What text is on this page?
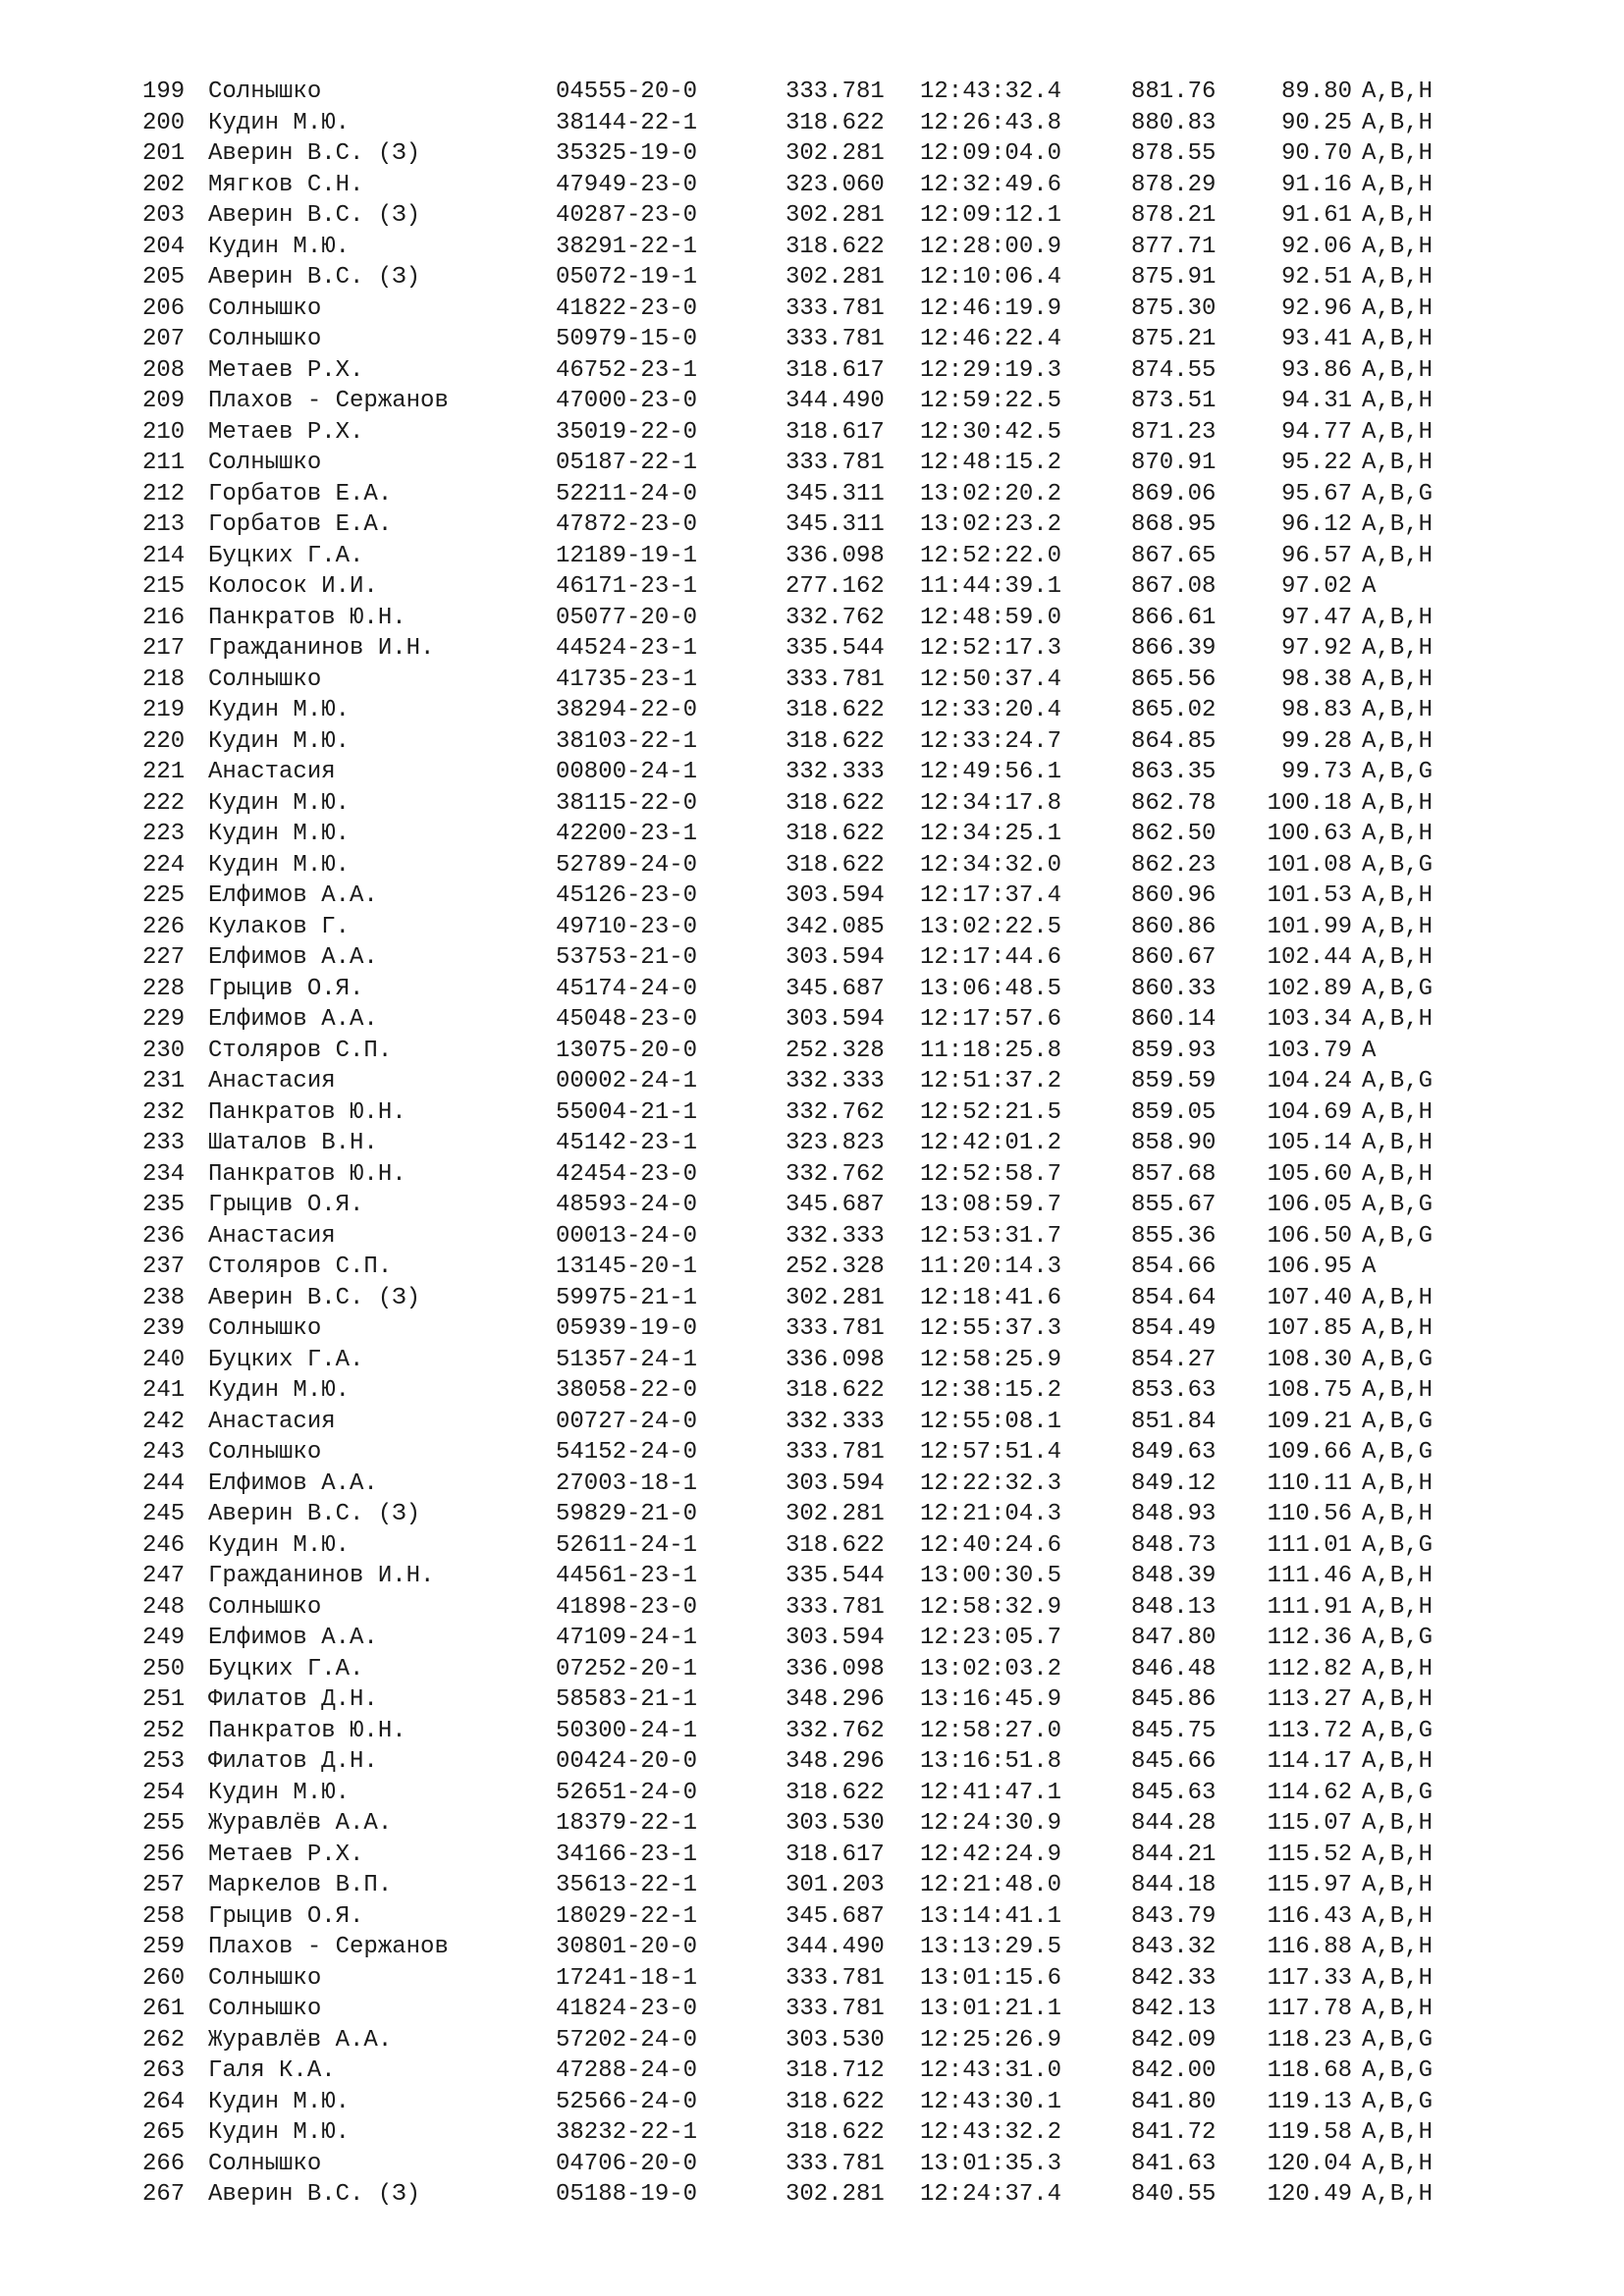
199 Солнышко	04555-20-0	333.781 12:43:32.4	881.76	89.80 A,B,H
200 Кудин М.Ю.	38144-22-1	318.622 12:26:43.8	880.83	90.25 A,B,H
201 Аверин В.С. (З)	35325-19-0	302.281 12:09:04.0	878.55	90.70 A,B,H
202 Мягков С.Н.	47949-23-0	323.060 12:32:49.6	878.29	91.16 A,B,H
203 Аверин В.С. (З)	40287-23-0	302.281 12:09:12.1	878.21	91.61 A,B,H
204 Кудин М.Ю.	38291-22-1	318.622 12:28:00.9	877.71	92.06 A,B,H
205 Аверин В.С. (З)	05072-19-1	302.281 12:10:06.4	875.91	92.51 A,B,H
206 Солнышко	41822-23-0	333.781 12:46:19.9	875.30	92.96 A,B,H
207 Солнышко	50979-15-0	333.781 12:46:22.4	875.21	93.41 A,B,H
208 Метаев Р.Х.	46752-23-1	318.617 12:29:19.3	874.55	93.86 A,B,H
209 Плахов - Сержанов	47000-23-0	344.490 12:59:22.5	873.51	94.31 A,B,H
210 Метаев Р.Х.	35019-22-0	318.617 12:30:42.5	871.23	94.77 A,B,H
211 Солнышко	05187-22-1	333.781 12:48:15.2	870.91	95.22 A,B,H
212 Горбатов Е.А.	52211-24-0	345.311 13:02:20.2	869.06	95.67 A,B,G
213 Горбатов Е.А.	47872-23-0	345.311 13:02:23.2	868.95	96.12 A,B,H
214 Буцких Г.А.	12189-19-1	336.098 12:52:22.0	867.65	96.57 A,B,H
215 Колосок И.И.	46171-23-1	277.162 11:44:39.1	867.08	97.02 A
216 Панкратов Ю.Н.	05077-20-0	332.762 12:48:59.0	866.61	97.47 A,B,H
217 Гражданинов И.Н.	44524-23-1	335.544 12:52:17.3	866.39	97.92 A,B,H
218 Солнышко	41735-23-1	333.781 12:50:37.4	865.56	98.38 A,B,H
219 Кудин М.Ю.	38294-22-0	318.622 12:33:20.4	865.02	98.83 A,B,H
220 Кудин М.Ю.	38103-22-1	318.622 12:33:24.7	864.85	99.28 A,B,H
221 Анастасия	00800-24-1	332.333 12:49:56.1	863.35	99.73 A,B,G
222 Кудин М.Ю.	38115-22-0	318.622 12:34:17.8	862.78 100.18 A,B,H
223 Кудин М.Ю.	42200-23-1	318.622 12:34:25.1	862.50 100.63 A,B,H
224 Кудин М.Ю.	52789-24-0	318.622 12:34:32.0	862.23 101.08 A,B,G
225 Елфимов А.А.	45126-23-0	303.594 12:17:37.4	860.96 101.53 A,B,H
226 Кулаков Г.	49710-23-0	342.085 13:02:22.5	860.86 101.99 A,B,H
227 Елфимов А.А.	53753-21-0	303.594 12:17:44.6	860.67 102.44 A,B,H
228 Грыцив О.Я.	45174-24-0	345.687 13:06:48.5	860.33 102.89 A,B,G
229 Елфимов А.А.	45048-23-0	303.594 12:17:57.6	860.14 103.34 A,B,H
230 Столяров С.П.	13075-20-0	252.328 11:18:25.8	859.93 103.79 A
231 Анастасия	00002-24-1	332.333 12:51:37.2	859.59 104.24 A,B,G
232 Панкратов Ю.Н.	55004-21-1	332.762 12:52:21.5	859.05 104.69 A,B,H
233 Шаталов В.Н.	45142-23-1	323.823 12:42:01.2	858.90 105.14 A,B,H
234 Панкратов Ю.Н.	42454-23-0	332.762 12:52:58.7	857.68 105.60 A,B,H
235 Грыцив О.Я.	48593-24-0	345.687 13:08:59.7	855.67 106.05 A,B,G
236 Анастасия	00013-24-0	332.333 12:53:31.7	855.36 106.50 A,B,G
237 Столяров С.П.	13145-20-1	252.328 11:20:14.3	854.66 106.95 A
238 Аверин В.С. (З)	59975-21-1	302.281 12:18:41.6	854.64 107.40 A,B,H
239 Солнышко	05939-19-0	333.781 12:55:37.3	854.49 107.85 A,B,H
240 Буцких Г.А.	51357-24-1	336.098 12:58:25.9	854.27 108.30 A,B,G
241 Кудин М.Ю.	38058-22-0	318.622 12:38:15.2	853.63 108.75 A,B,H
242 Анастасия	00727-24-0	332.333 12:55:08.1	851.84 109.21 A,B,G
243 Солнышко	54152-24-0	333.781 12:57:51.4	849.63 109.66 A,B,G
244 Елфимов А.А.	27003-18-1	303.594 12:22:32.3	849.12 110.11 A,B,H
245 Аверин В.С. (З)	59829-21-0	302.281 12:21:04.3	848.93 110.56 A,B,H
246 Кудин М.Ю.	52611-24-1	318.622 12:40:24.6	848.73 111.01 A,B,G
247 Гражданинов И.Н.	44561-23-1	335.544 13:00:30.5	848.39 111.46 A,B,H
248 Солнышко	41898-23-0	333.781 12:58:32.9	848.13 111.91 A,B,H
249 Елфимов А.А.	47109-24-1	303.594 12:23:05.7	847.80 112.36 A,B,G
250 Буцких Г.А.	07252-20-1	336.098 13:02:03.2	846.48 112.82 A,B,H
251 Филатов Д.Н.	58583-21-1	348.296 13:16:45.9	845.86 113.27 A,B,H
252 Панкратов Ю.Н.	50300-24-1	332.762 12:58:27.0	845.75 113.72 A,B,G
253 Филатов Д.Н.	00424-20-0	348.296 13:16:51.8	845.66 114.17 A,B,H
254 Кудин М.Ю.	52651-24-0	318.622 12:41:47.1	845.63 114.62 A,B,G
255 Журавлёв А.А.	18379-22-1	303.530 12:24:30.9	844.28 115.07 A,B,H
256 Метаев Р.Х.	34166-23-1	318.617 12:42:24.9	844.21 115.52 A,B,H
257 Маркелов В.П.	35613-22-1	301.203 12:21:48.0	844.18 115.97 A,B,H
258 Грыцив О.Я.	18029-22-1	345.687 13:14:41.1	843.79 116.43 A,B,H
259 Плахов - Сержанов	30801-20-0	344.490 13:13:29.5	843.32 116.88 A,B,H
260 Солнышко	17241-18-1	333.781 13:01:15.6	842.33 117.33 A,B,H
261 Солнышко	41824-23-0	333.781 13:01:21.1	842.13 117.78 A,B,H
262 Журавлёв А.А.	57202-24-0	303.530 12:25:26.9	842.09 118.23 A,B,G
263 Галя К.А.	47288-24-0	318.712 12:43:31.0	842.00 118.68 A,B,G
264 Кудин М.Ю.	52566-24-0	318.622 12:43:30.1	841.80 119.13 A,B,G
265 Кудин М.Ю.	38232-22-1	318.622 12:43:32.2	841.72 119.58 A,B,H
266 Солнышко	04706-20-0	333.781 13:01:35.3	841.63 120.04 A,B,H
267 Аверин В.С. (З)	05188-19-0	302.281 12:24:37.4	840.55 120.49 A,B,H
